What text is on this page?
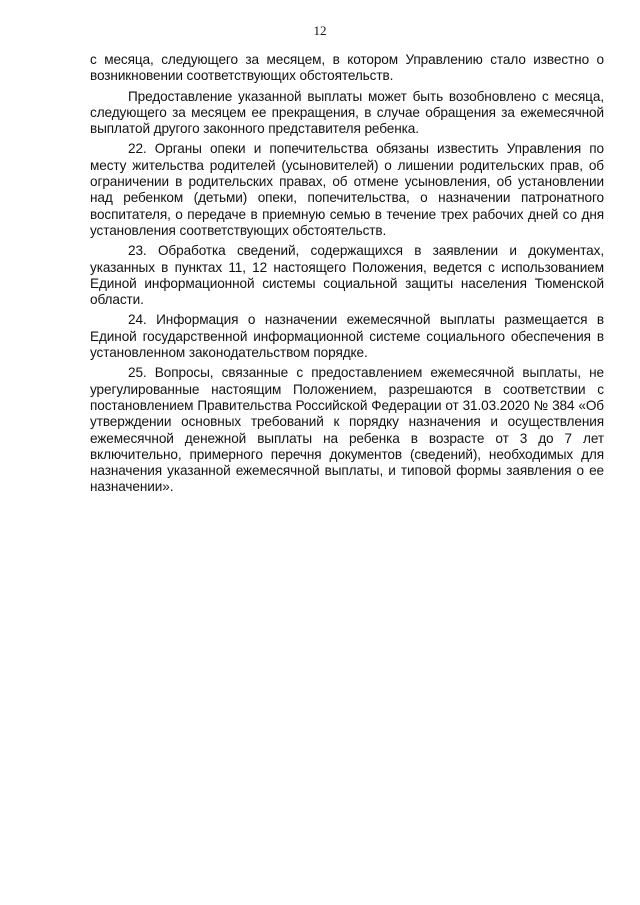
12

с месяца, следующего за месяцем, в котором Управлению стало известно о возникновении соответствующих обстоятельств.

Предоставление указанной выплаты может быть возобновлено с месяца, следующего за месяцем ее прекращения, в случае обращения за ежемесячной выплатой другого законного представителя ребенка.

22. Органы опеки и попечительства обязаны известить Управления по месту жительства родителей (усыновителей) о лишении родительских прав, об ограничении в родительских правах, об отмене усыновления, об установлении над ребенком (детьми) опеки, попечительства, о назначении патронатного воспитателя, о передаче в приемную семью в течение трех рабочих дней со дня установления соответствующих обстоятельств.

23. Обработка сведений, содержащихся в заявлении и документах, указанных в пунктах 11, 12 настоящего Положения, ведется с использованием Единой информационной системы социальной защиты населения Тюменской области.

24. Информация о назначении ежемесячной выплаты размещается в Единой государственной информационной системе социального обеспечения в установленном законодательством порядке.

25. Вопросы, связанные с предоставлением ежемесячной выплаты, не урегулированные настоящим Положением, разрешаются в соответствии с постановлением Правительства Российской Федерации от 31.03.2020 № 384 «Об утверждении основных требований к порядку назначения и осуществления ежемесячной денежной выплаты на ребенка в возрасте от 3 до 7 лет включительно, примерного перечня документов (сведений), необходимых для назначения указанной ежемесячной выплаты, и типовой формы заявления о ее назначении».
